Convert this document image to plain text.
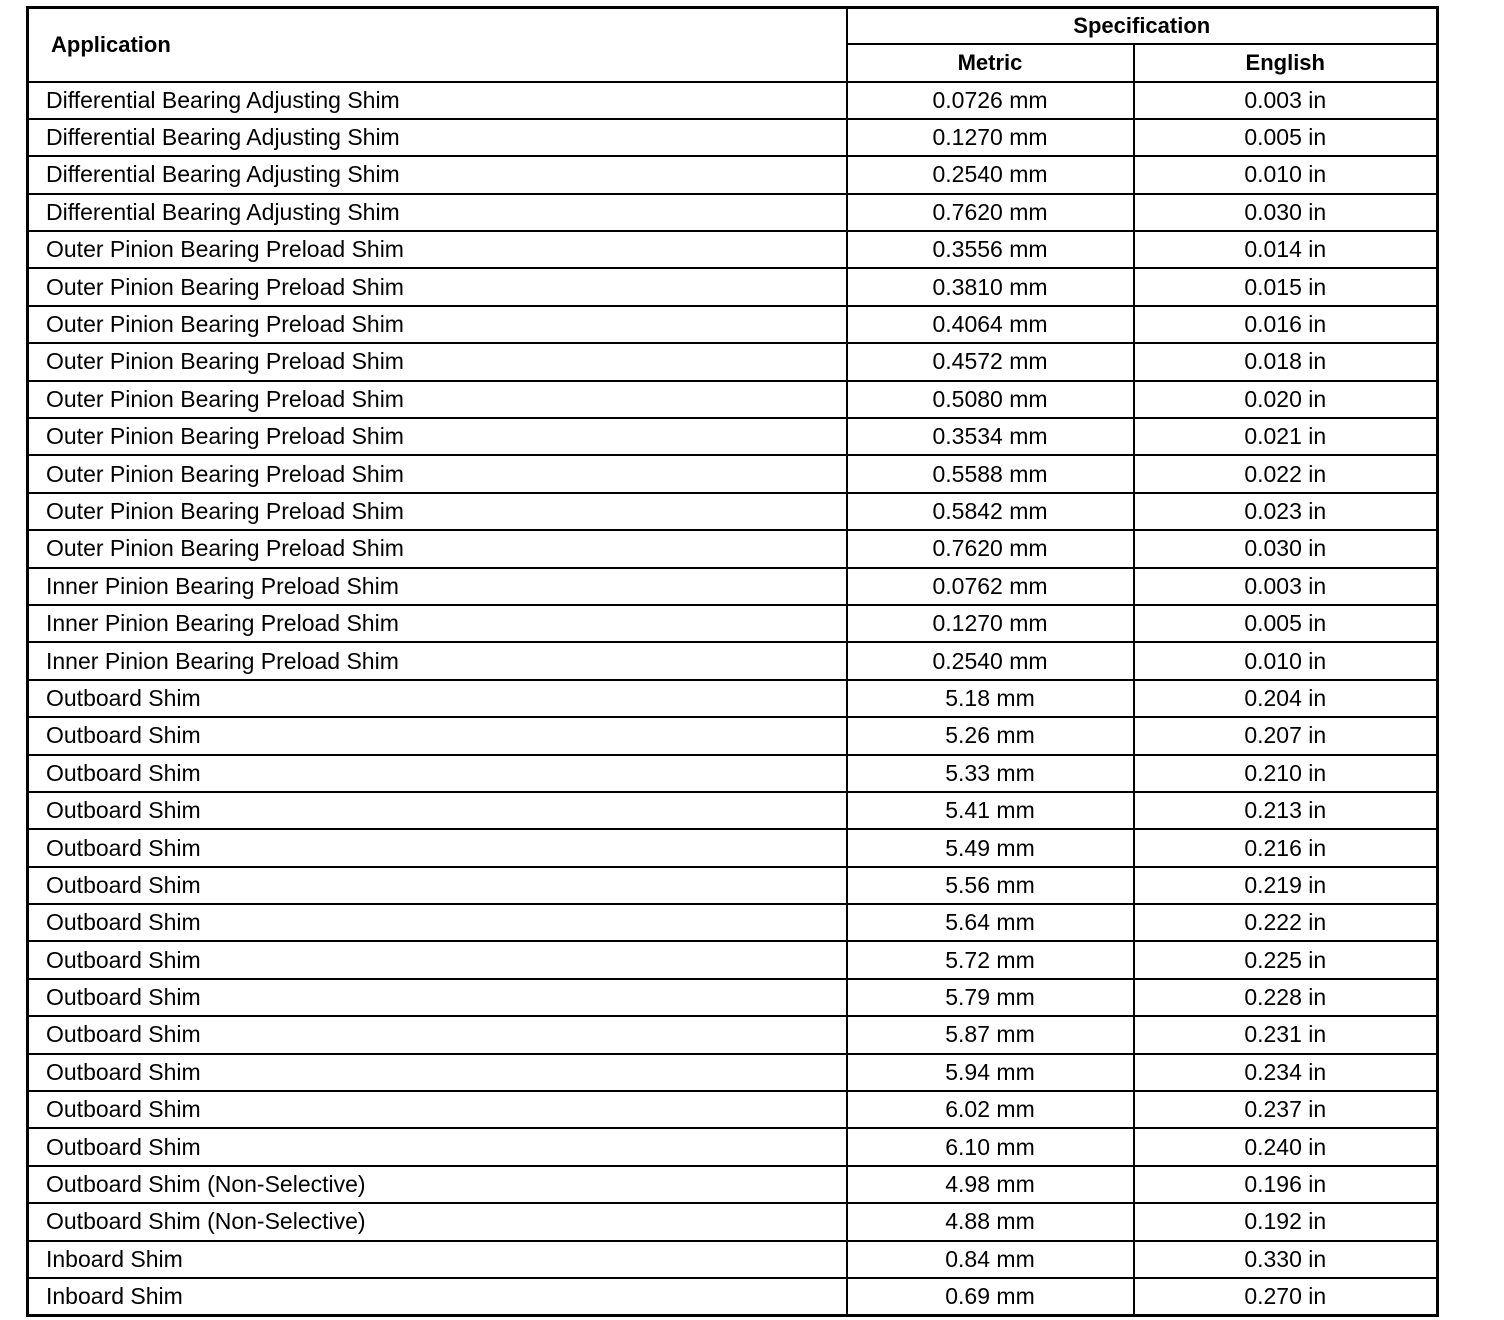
Application	Specification	
	Metric	English
Differential Bearing Adjusting Shim	0.0726 mm	0.003 in
Differential Bearing Adjusting Shim	0.1270 mm	0.005 in
Differential Bearing Adjusting Shim	0.2540 mm	0.010 in
Differential Bearing Adjusting Shim	0.7620 mm	0.030 in
Outer Pinion Bearing Preload Shim	0.3556 mm	0.014 in
Outer Pinion Bearing Preload Shim	0.3810 mm	0.015 in
Outer Pinion Bearing Preload Shim	0.4064 mm	0.016 in
Outer Pinion Bearing Preload Shim	0.4572 mm	0.018 in
Outer Pinion Bearing Preload Shim	0.5080 mm	0.020 in
Outer Pinion Bearing Preload Shim	0.3534 mm	0.021 in
Outer Pinion Bearing Preload Shim	0.5588 mm	0.022 in
Outer Pinion Bearing Preload Shim	0.5842 mm	0.023 in
Outer Pinion Bearing Preload Shim	0.7620 mm	0.030 in
Inner Pinion Bearing Preload Shim	0.0762 mm	0.003 in
Inner Pinion Bearing Preload Shim	0.1270 mm	0.005 in
Inner Pinion Bearing Preload Shim	0.2540 mm	0.010 in
Outboard Shim	5.18 mm	0.204 in
Outboard Shim	5.26 mm	0.207 in
Outboard Shim	5.33 mm	0.210 in
Outboard Shim	5.41 mm	0.213 in
Outboard Shim	5.49 mm	0.216 in
Outboard Shim	5.56 mm	0.219 in
Outboard Shim	5.64 mm	0.222 in
Outboard Shim	5.72 mm	0.225 in
Outboard Shim	5.79 mm	0.228 in
Outboard Shim	5.87 mm	0.231 in
Outboard Shim	5.94 mm	0.234 in
Outboard Shim	6.02 mm	0.237 in
Outboard Shim	6.10 mm	0.240 in
Outboard Shim (Non-Selective)	4.98 mm	0.196 in
Outboard Shim (Non-Selective)	4.88 mm	0.192 in
Inboard Shim	0.84 mm	0.330 in
Inboard Shim	0.69 mm	0.270 in
